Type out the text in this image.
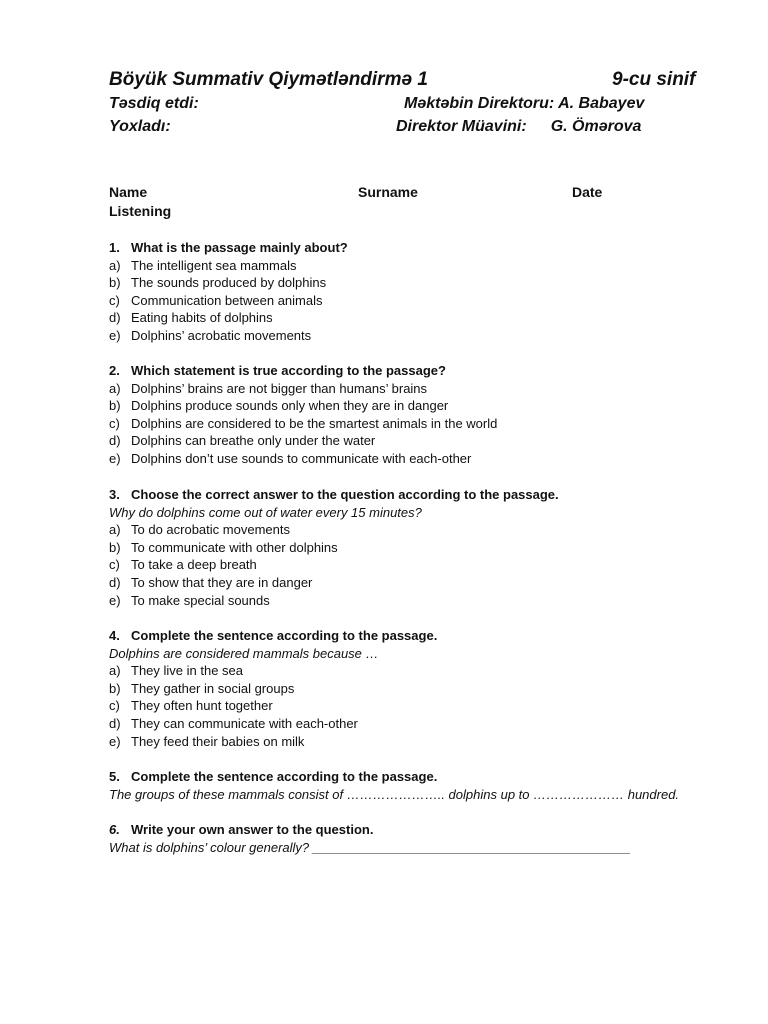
Böyük Summativ Qiymətləndirmə 1	9-cu sinif
Təsdiq etdi:	Məktəbin Direktoru: A. Babayev
Yoxladı:	Direktor Müavini: G. Ömərova
Name	Surname	Date
Listening
1. What is the passage mainly about?
a) The intelligent sea mammals
b) The sounds produced by dolphins
c) Communication between animals
d) Eating habits of dolphins
e) Dolphins’ acrobatic movements
2. Which statement is true according to the passage?
a) Dolphins’ brains are not bigger than humans’ brains
b) Dolphins produce sounds only when they are in danger
c) Dolphins are considered to be the smartest animals in the world
d) Dolphins can breathe only under the water
e) Dolphins don’t use sounds to communicate with each-other
3. Choose the correct answer to the question according to the passage.
Why do dolphins come out of water every 15 minutes?
a) To do acrobatic movements
b) To communicate with other dolphins
c) To take a deep breath
d) To show that they are in danger
e) To make special sounds
4. Complete the sentence according to the passage.
Dolphins are considered mammals because …
a) They live in the sea
b) They gather in social groups
c) They often hunt together
d) They can communicate with each-other
e) They feed their babies on milk
5. Complete the sentence according to the passage.
The groups of these mammals consist of ………………….. dolphins up to ………………… hundred.
6. Write your own answer to the question.
What is dolphins’ colour generally? ____________________________________________
